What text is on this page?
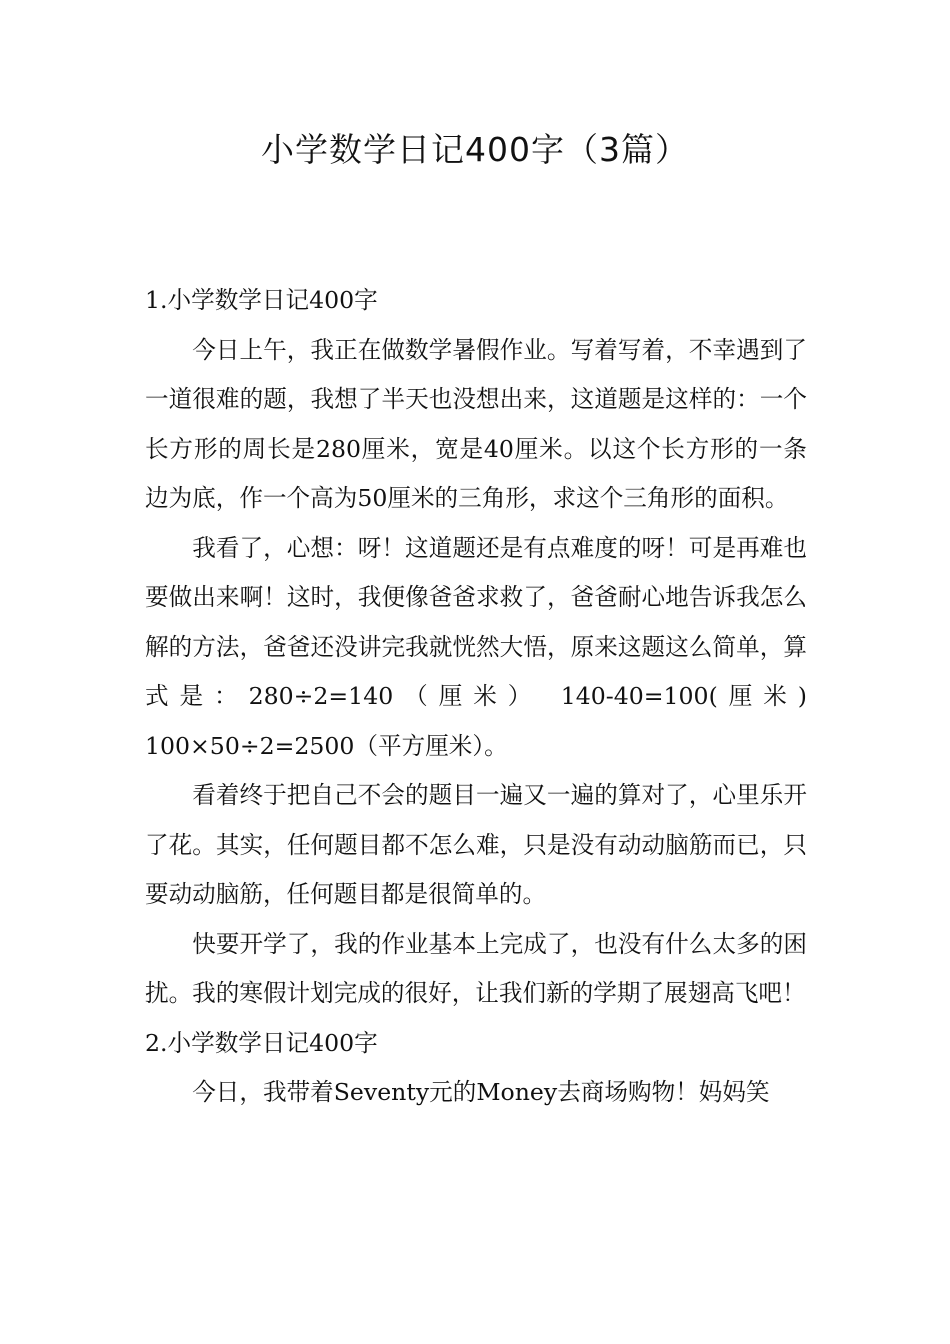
小学数学日记400字（3篇）

1.小学数学日记400字

今日上午，我正在做数学暑假作业。写着写着，不幸遇到了一道很难的题，我想了半天也没想出来，这道题是这样的：一个长方形的周长是280厘米，宽是40厘米。以这个长方形的一条边为底，作一个高为50厘米的三角形，求这个三角形的面积。

我看了，心想：呀！这道题还是有点难度的呀！可是再难也要做出来啊！这时，我便像爸爸求救了，爸爸耐心地告诉我怎么解的方法，爸爸还没讲完我就恍然大悟，原来这题这么简单，算式是：280÷2=140（厘米） 140-40=100(厘米) 100×50÷2=2500（平方厘米）。

看着终于把自己不会的题目一遍又一遍的算对了，心里乐开了花。其实，任何题目都不怎么难，只是没有动动脑筋而已，只要动动脑筋，任何题目都是很简单的。

快要开学了，我的作业基本上完成了，也没有什么太多的困扰。我的寒假计划完成的很好，让我们新的学期了展翅高飞吧！

2.小学数学日记400字

今日，我带着Seventy元的Money去商场购物！妈妈笑
